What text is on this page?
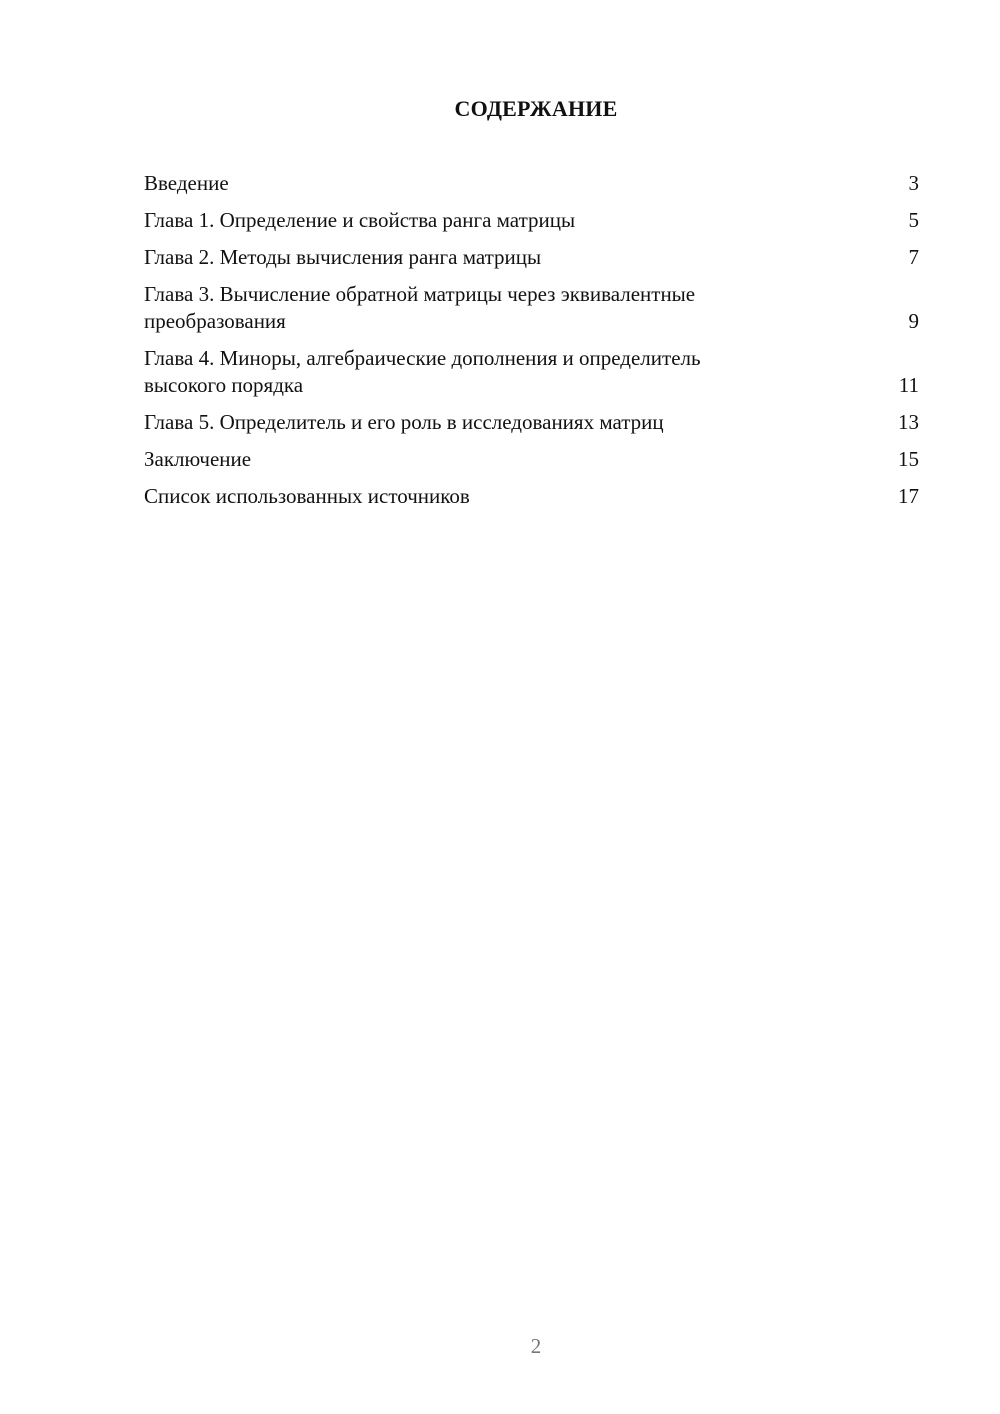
СОДЕРЖАНИЕ
Введение	3
Глава 1. Определение и свойства ранга матрицы	5
Глава 2. Методы вычисления ранга матрицы	7
Глава 3. Вычисление обратной матрицы через эквивалентные
преобразования	9
Глава 4. Миноры, алгебраические дополнения и определитель
высокого порядка	11
Глава 5. Определитель и его роль в исследованиях матриц	13
Заключение	15
Список использованных источников	17
2
